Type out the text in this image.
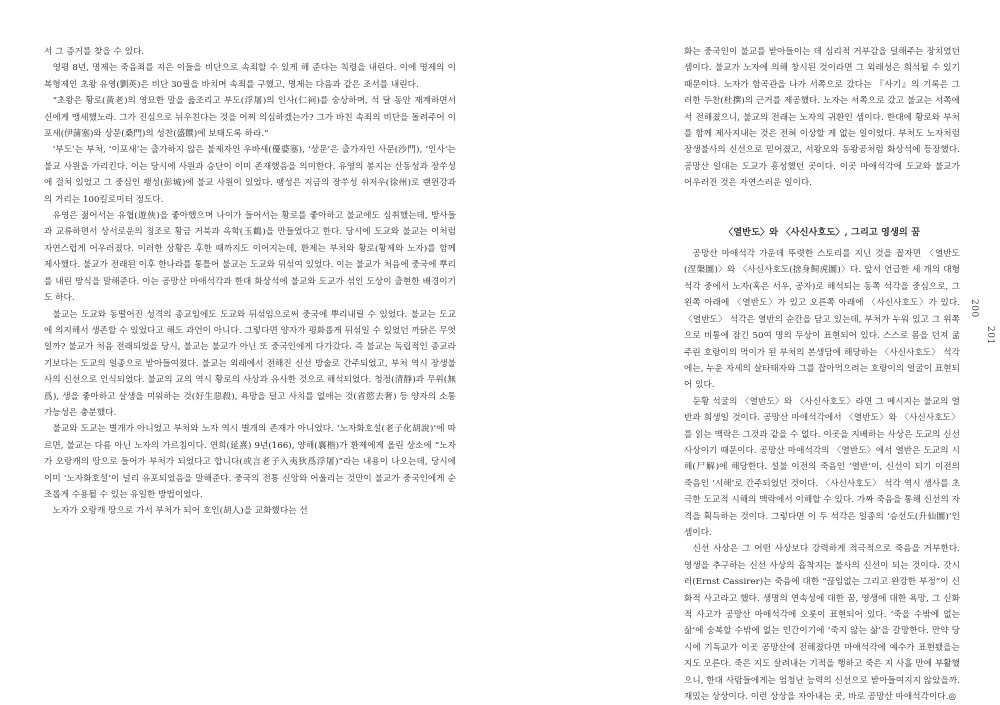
서 그 증거를 찾을 수 있다.

영평 8년, 명제는 죽음죄를 지은 이들을 비단으로 속죄할 수 있게 해 준다는 칙령을 내린다. 이에 명제의 이복형제인 초왕 유영(劉英)은 비단 30필을 바치며 속죄를 구했고, 명제는 다음과 같은 조서를 내린다.

“초왕은 황로(黃老)의 영묘한 말을 읊조리고 부도(浮屠)의 인사(仁祠)를 숭상하며, 석 달 동안 재계하면서 신에게 맹세했노라. 그가 진심으로 뉘우친다는 것을 어찌 의심하겠는가? 그가 바친 속죄의 비단을 돌려주어 이포새(伊蒲塞)와 상문(桑門)의 성찬(盛饌)에 보태도록 하라.”

‘부도’는 부처, ‘이포새’는 출가하지 않은 불제자인 우바새(優婆塞), ‘상문’은 출가자인 사문(沙門), ‘인사’는 불교 사원을 가리킨다. 이는 당시에 사원과 승단이 이미 존재했음을 의미한다. 유영의 봉지는 산동성과 장쑤성에 걸쳐 있었고 그 중심인 팽성(彭城)에 불교 사원이 있었다. 팽성은 지금의 장쑤성 쉬저우(徐州)로 랜윈강과의 거리는 100킬로미터 정도다.

유영은 젊어서는 유협(遊俠)을 좋아했으며 나이가 들어서는 황로를 좋아하고 불교에도 심취했는데, 방사들과 교류하면서 상서로운의 징조로 황금 거북과 옥학(玉鶴)을 만들었다고 한다. 당시에 도교와 불교는 이처럼 자연스럽게 어우러졌다. 이러한 상황은 후한 때까지도 이어지는데, 환제는 부처와 황로(황제와 노자)를 함께 제사했다. 불교가 전래된 이후 한나라를 통틀어 불교는 도교와 뒤섞여 있었다. 이는 불교가 처음에 중국에 뿌리를 내린 방식을 말해준다. 이는 공망산 마애석각과 한대 화상석에 불교와 도교가 섞인 도상이 출현한 배경이기도 하다.

불교는 도교와 동떨어진 성격의 종교임에도 도교와 뒤섞임으로써 중국에 뿌리내릴 수 있었다. 불교는 도교에 의지해서 생존할 수 있었다고 해도 과언이 아니다. 그렇다면 양자가 평화롭게 뒤섞일 수 있었던 까닭은 무엇일까? 불교가 처음 전래되었을 당시, 불교는 불교가 아닌 또 중국인에게 다가갔다. 즉 불교는 독립적인 종교라기보다는 도교의 일종으로 받아들여졌다. 불교는 외래에서 전해진 신선 방술로 간주되었고, 부처 역시 장생불사의 신선으로 인식되었다. 불교의 교의 역시 황로의 사상과 유사한 것으로 해석되었다. 청정(清靜)과 무위(無爲), 생을 좋아하고 살생을 미워하는 것(好生惡殺), 욕망을 덜고 사치를 없애는 것(省慾去奢) 등 양자의 소통 가능성은 충분했다.

불교와 도교는 별개가 아니었고 부처와 노자 역시 별개의 존재가 아니었다. ‘노자화호설(老子化胡說)’에 따르면, 불교는 다름 아닌 노자의 가르침이다. 연희(延熹) 9년(166), 양해(襄楷)가 환제에게 올린 상소에 “노자가 오랑캐의 땅으로 들어가 부처가 되었다고 합니다(或言老子入夷狄爲浮屠)”라는 내용이 나오는데, 당시에 이미 ‘노자화호설’이 널리 유포되었음을 말해준다. 중국의 전통 신앙와 어울리는 것만이 불교가 중국인에게 순조롭게 수용될 수 있는 유일한 방법이었다.

노자가 오랑캐 땅으로 가서 부처가 되어 호인(胡人)을 교화했다는 선

화는 중국인이 불교를 받아들이는 데 심리적 거부감을 덜해주는 장치였던 셈이다. 불교가 노자에 의해 창시된 것이라면 그 외래성은 희석될 수 있기 때문이다. 노자가 함곡관을 나가 서쪽으로 갔다는 『사기』의 기록은 그러한 두찬(杜撰)의 근거를 제공했다. 노자는 서쪽으로 갔고 불교는 서쪽에서 전해졌으니, 불교의 전래는 노자의 귀환인 셈이다. 한대에 황로와 부처를 함께 제사지내는 것은 전혀 이상할 게 없는 일이었다. 부처도 노자처럼 장생불사의 신선으로 믿어졌고, 서왕모와 동왕공처럼 화상석에 등장했다. 공망산 일대는 도교가 흥성했던 곳이다. 이곳 마애석각에 도교와 불교가 어우러진 것은 자연스러운 일이다.

〈열반도〉와 〈사신사호도〉, 그리고 영생의 꿈

공망산 마애석각 가운데 뚜렷한 스토리를 지닌 것을 꼽자면 〈열반도(涅槃圖)〉와 〈사신사호도(捨身飼虎圖)〉다. 앞서 언급한 세 개의 대형 석각 중에서 노자(혹은 서우, 공자)로 해석되는 동쪽 석각을 중심으로, 그 왼쪽 아래에 〈열반도〉가 있고 오른쪽 아래에 〈사신사호도〉가 있다. 〈열반도〉 석각은 열반의 순간을 담고 있는데, 부처가 누워 있고 그 위쪽으로 비통에 잠긴 50여 명의 두상이 표현되어 있다. 스스로 몸을 던져 굶주린 호랑이의 먹이가 된 부처의 본생담에 해당하는 〈사신사호도〉 석각에는, 누운 자세의 살타태자와 그를 잡아먹으려는 호랑이의 얼굴이 표현되어 있다.

둔황 석굴의 〈열반도〉와 〈사신사호도〉라면 그 메시지는 불교의 열반과 희생일 것이다. 공망산 마애석각에서 〈열반도〉와 〈사신사호도〉를 읽는 맥락은 그것과 같을 수 없다. 이곳을 지배하는 사상은 도교의 신선 사상이기 때문이다. 공망산 마애석각의 〈열반도〉에서 열반은 도교의 시해(尸解)에 해당한다. 설불 이전의 죽음인 ‘열반’이, 신선이 되기 이전의 죽음인 ‘시해’로 간주되었던 것이다. 〈사신사호도〉 석각 역시 생사를 초극한 도교적 시해의 맥락에서 이해할 수 있다. 가짜 죽음을 통해 신선의 자격을 획득하는 것이다. 그렇다면 이 두 석각은 일종의 ‘승선도(升仙圖)’인 셈이다.

신선 사상은 그 어떤 사상보다 강력하게 적극적으로 죽음을 거부한다. 영생을 추구하는 신선 사상의 흡착지는 불사의 신선이 되는 것이다. 갓시러(Ernst Cassirer)는 죽음에 대한 “끊임없는 그리고 완강한 부정”이 신화적 사고라고 했다. 생명의 연속성에 대한 꿈, 영생에 대한 욕망, 그 신화적 사고가 공망산 마애석각에 오롯이 표현되어 있다. ‘죽을 수밖에 없는 삶’에 숭복할 수밖에 없는 인간이기에 ‘죽지 않는 삶’을 갈망한다. 만약 당시에 기독교가 이곳 공망산에 전해졌다면 마애석각에 예수가 표현됐을는지도 모른다. 죽은 지도 살려내는 기적을 행하고 죽은 지 사흘 만에 부활했으니, 한대 사람들에게는 엄청난 능력의 신선으로 받아들여지지 않았을까. 재밌는 상상이다. 이런 상상을 자아내는 곳, 바로 공망산 마애석각이다.◎

200
201
